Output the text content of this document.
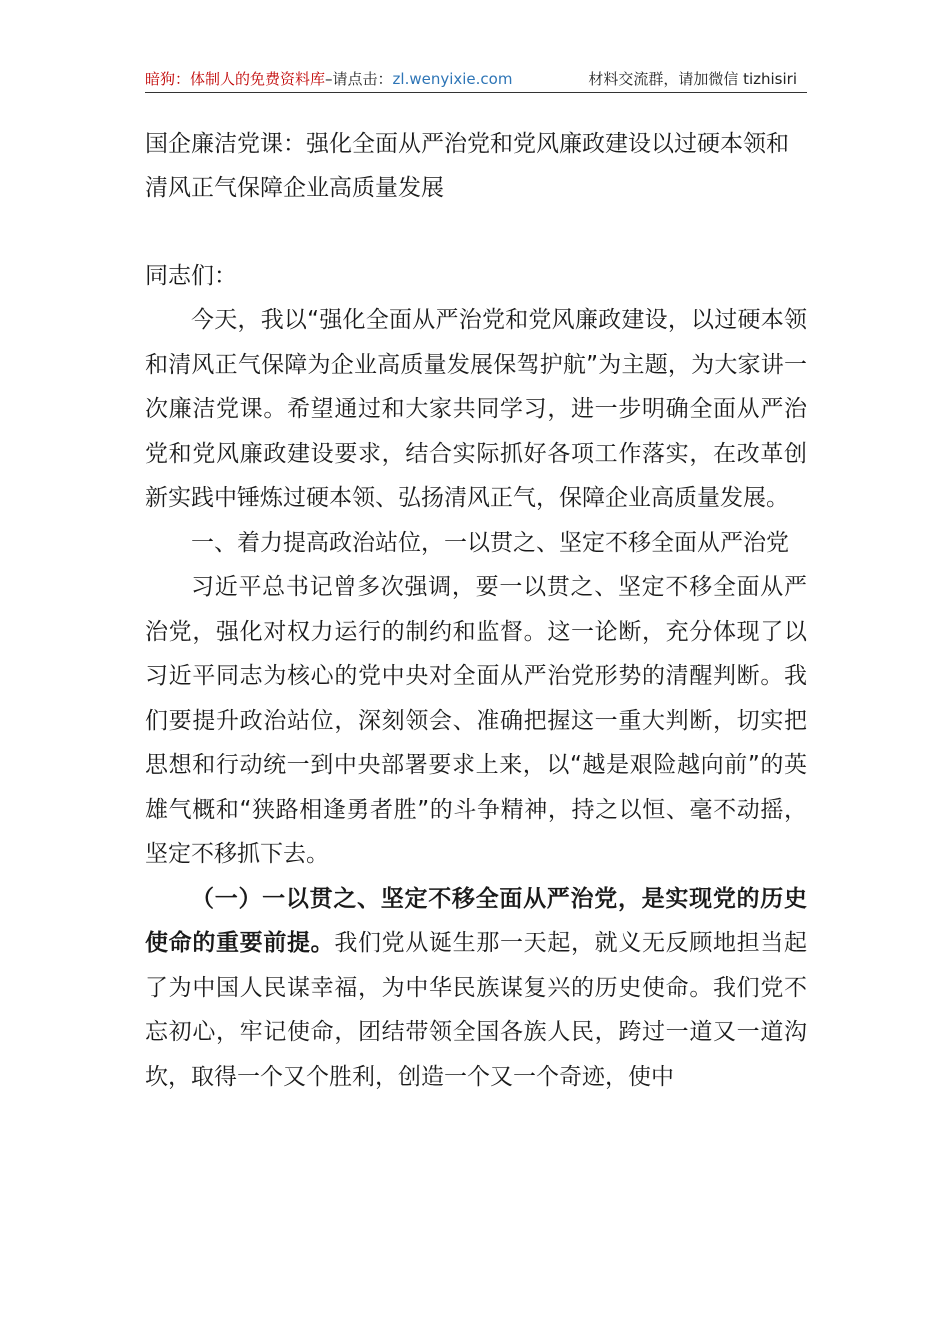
暗狗：体制人的免费资料库–请点击：zl.wenyixie.com	材料交流群，请加微信 tizhisiri

国企廉洁党课：强化全面从严治党和党风廉政建设以过硬本领和清风正气保障企业高质量发展

同志们：

今天，我以“强化全面从严治党和党风廉政建设，以过硬本领和清风正气保障为企业高质量发展保驾护航”为主题，为大家讲一次廉洁党课。希望通过和大家共同学习，进一步明确全面从严治党和党风廉政建设要求，结合实际抓好各项工作落实，在改革创新实践中锤炼过硬本领、弘扬清风正气，保障企业高质量发展。

一、着力提高政治站位，一以贯之、坚定不移全面从严治党

习近平总书记曾多次强调，要一以贯之、坚定不移全面从严治党，强化对权力运行的制约和监督。这一论断，充分体现了以习近平同志为核心的党中央对全面从严治党形势的清醒判断。我们要提升政治站位，深刻领会、准确把握这一重大判断，切实把思想和行动统一到中央部署要求上来，以“越是艰险越向前”的英雄气概和“狭路相逢勇者胜”的斗争精神，持之以恒、毫不动摇，坚定不移抓下去。

（一）一以贯之、坚定不移全面从严治党，是实现党的历史使命的重要前提。我们党从诞生那一天起，就义无反顾地担当起了为中国人民谋幸福，为中华民族谋复兴的历史使命。我们党不忘初心，牢记使命，团结带领全国各族人民，跨过一道又一道沟坎，取得一个又个胜利，创造一个又一个奇迹，使中
